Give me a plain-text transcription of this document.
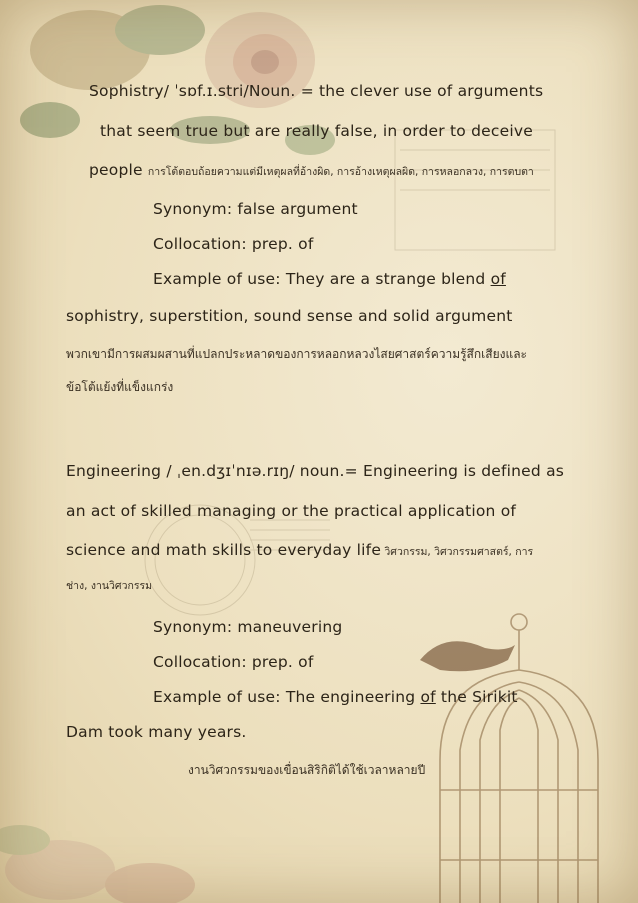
Sophistry/ ˈsɒf.ɪ.stri/Noun. = the clever use of arguments
that seem true but are really false, in order to deceive
people การโต้ตอบถ้อยความแต่มีเหตุผลที่อ้างผิด, การอ้างเหตุผลผิด, การหลอกลวง, การตบตา
Synonym: false argument
Collocation: prep. of
Example of use: They are a strange blend of
sophistry, superstition, sound sense and solid argument
พวกเขามีการผสมผสานที่แปลกประหลาดของการหลอกหลวงไสยศาสตร์ความรู้สึกเสียงและ
ข้อโต้แย้งที่แข็งแกร่ง
Engineering / ˌen.dʒɪˈnɪə.rɪŋ/ noun.= Engineering is defined as
an act of skilled managing or the practical application of
science and math skills to everyday life วิศวกรรม, วิศวกรรมศาสตร์, การ
ช่าง, งานวิศวกรรม
Synonym: maneuvering
Collocation: prep. of
Example of use: The engineering of the Sirikit
Dam took many years.
งานวิศวกรรมของเขื่อนสิริกิติได้ใช้เวลาหลายปี
